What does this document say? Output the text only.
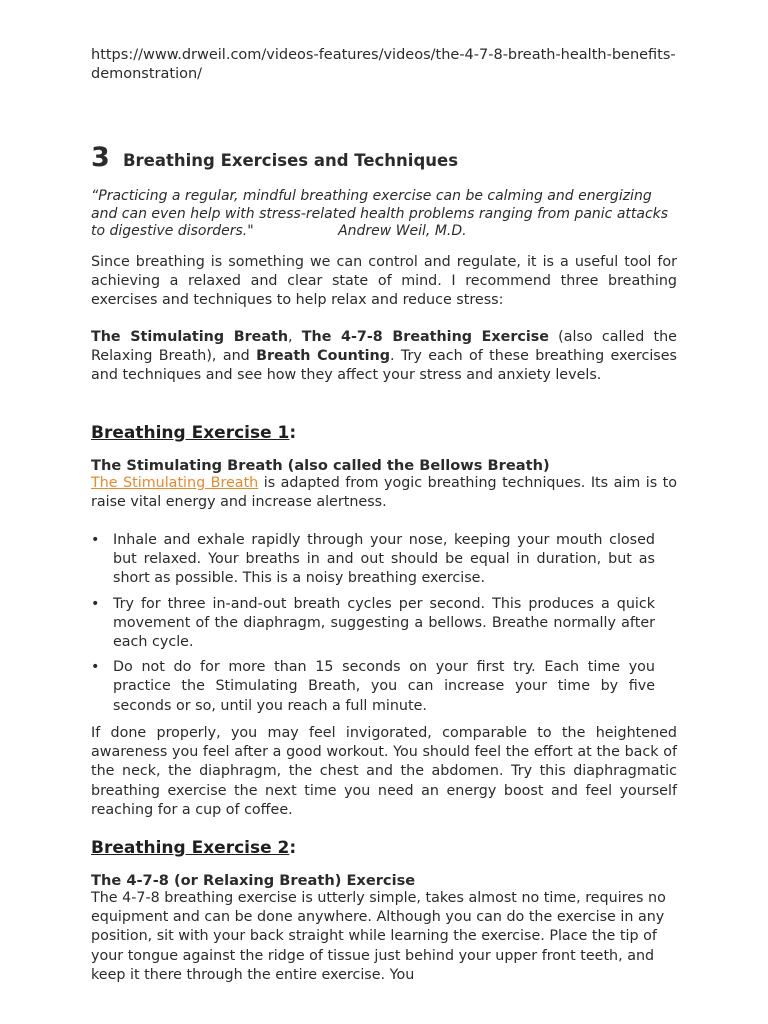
https://www.drweil.com/videos-features/videos/the-4-7-8-breath-health-benefits-demonstration/
3 Breathing Exercises and Techniques

“Practicing a regular, mindful breathing exercise can be calming and energizing and can even help with stress-related health problems ranging from panic attacks to digestive disorders."	Andrew Weil, M.D.

Since breathing is something we can control and regulate, it is a useful tool for achieving a relaxed and clear state of mind. I recommend three breathing exercises and techniques to help relax and reduce stress:

The Stimulating Breath, The 4-7-8 Breathing Exercise (also called the Relaxing Breath), and Breath Counting. Try each of these breathing exercises and techniques and see how they affect your stress and anxiety levels.

Breathing Exercise 1:

The Stimulating Breath (also called the Bellows Breath)

The Stimulating Breath is adapted from yogic breathing techniques. Its aim is to raise vital energy and increase alertness.

• Inhale and exhale rapidly through your nose, keeping your mouth closed but relaxed. Your breaths in and out should be equal in duration, but as short as possible. This is a noisy breathing exercise.
• Try for three in-and-out breath cycles per second. This produces a quick movement of the diaphragm, suggesting a bellows. Breathe normally after each cycle.
• Do not do for more than 15 seconds on your first try. Each time you practice the Stimulating Breath, you can increase your time by five seconds or so, until you reach a full minute.

If done properly, you may feel invigorated, comparable to the heightened awareness you feel after a good workout. You should feel the effort at the back of the neck, the diaphragm, the chest and the abdomen. Try this diaphragmatic breathing exercise the next time you need an energy boost and feel yourself reaching for a cup of coffee.

Breathing Exercise 2:

The 4-7-8 (or Relaxing Breath) Exercise

The 4-7-8 breathing exercise is utterly simple, takes almost no time, requires no equipment and can be done anywhere. Although you can do the exercise in any position, sit with your back straight while learning the exercise. Place the tip of your tongue against the ridge of tissue just behind your upper front teeth, and keep it there through the entire exercise. You
